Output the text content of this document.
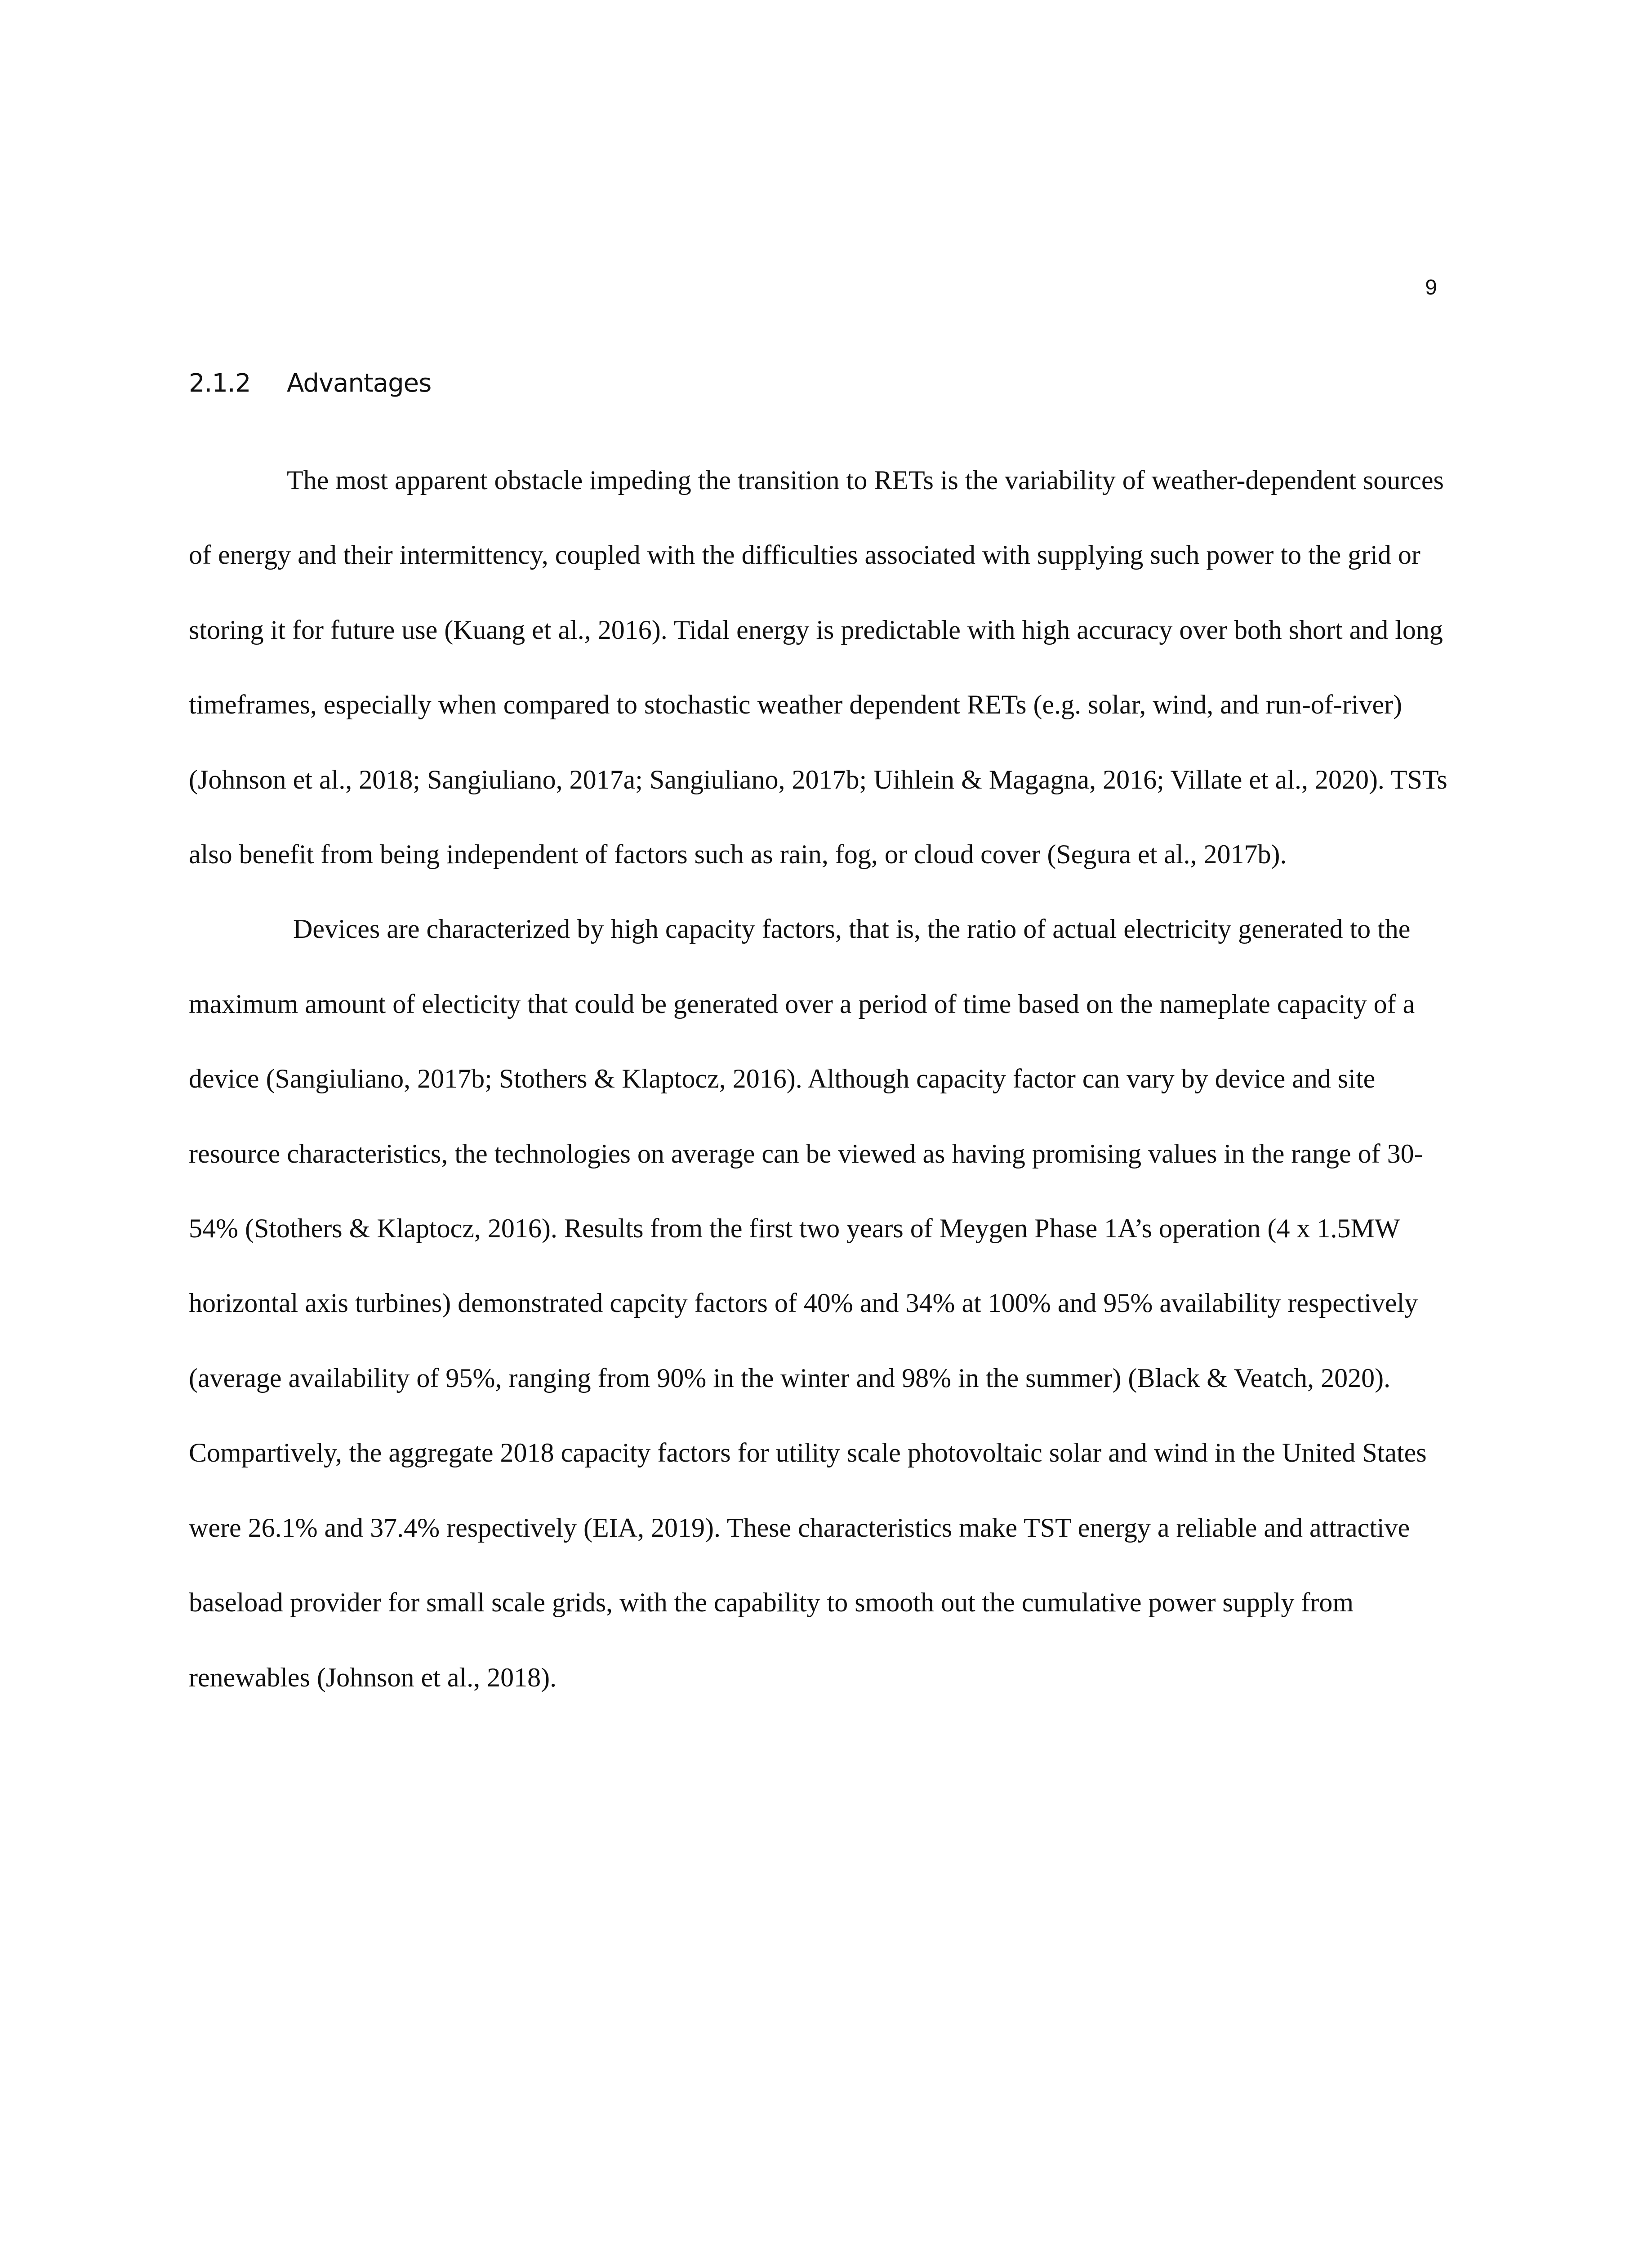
9
2.1.2 Advantages

The most apparent obstacle impeding the transition to RETs is the variability of weather-dependent sources of energy and their intermittency, coupled with the difficulties associated with supplying such power to the grid or storing it for future use (Kuang et al., 2016). Tidal energy is predictable with high accuracy over both short and long timeframes, especially when compared to stochastic weather dependent RETs (e.g. solar, wind, and run-of-river) (Johnson et al., 2018; Sangiuliano, 2017a; Sangiuliano, 2017b; Uihlein & Magagna, 2016; Villate et al., 2020). TSTs also benefit from being independent of factors such as rain, fog, or cloud cover (Segura et al., 2017b).

Devices are characterized by high capacity factors, that is, the ratio of actual electricity generated to the maximum amount of electicity that could be generated over a period of time based on the nameplate capacity of a device (Sangiuliano, 2017b; Stothers & Klaptocz, 2016). Although capacity factor can vary by device and site resource characteristics, the technologies on average can be viewed as having promising values in the range of 30-54% (Stothers & Klaptocz, 2016). Results from the first two years of Meygen Phase 1A’s operation (4 x 1.5MW horizontal axis turbines) demonstrated capcity factors of 40% and 34% at 100% and 95% availability respectively (average availability of 95%, ranging from 90% in the winter and 98% in the summer) (Black & Veatch, 2020). Compartively, the aggregate 2018 capacity factors for utility scale photovoltaic solar and wind in the United States were 26.1% and 37.4% respectively (EIA, 2019). These characteristics make TST energy a reliable and attractive baseload provider for small scale grids, with the capability to smooth out the cumulative power supply from renewables (Johnson et al., 2018).
